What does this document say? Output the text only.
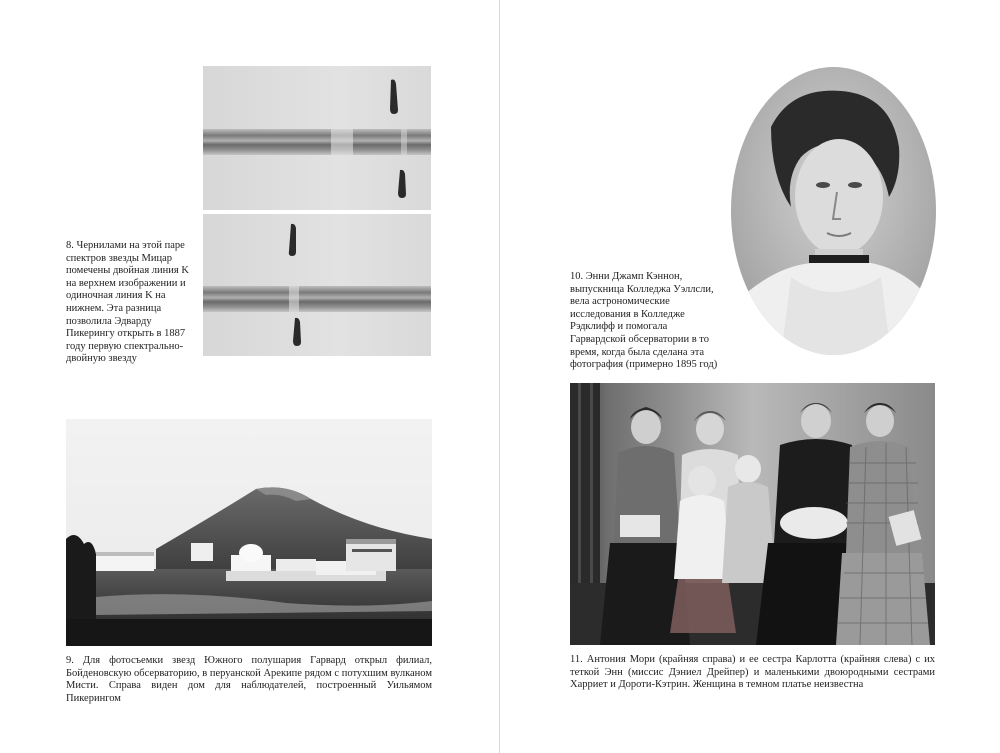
8. Чернилами на этой паре спектров звезды Мицар помечены двойная линия K на верхнем изображении и одиночная линия K на нижнем. Эта разница позволила Эдварду Пикерингу открыть в 1887 году первую спектрально-двойную звезду

9. Для фотосъемки звезд Южного полушария Гарвард открыл филиал, Бойденовскую обсерваторию, в перуанской Арекипе рядом с потухшим вулканом Мисти. Справа виден дом для наблюдателей, построенный Уильямом Пикерингом

10. Энни Джамп Кэннон, выпускница Колледжа Уэллсли, вела астрономические исследования в Колледже Рэдклифф и помогала Гарвардской обсерватории в то время, когда была сделана эта фотография (примерно 1895 год)

11. Антония Мори (крайняя справа) и ее сестра Карлотта (крайняя слева) с их теткой Энн (миссис Дэниел Дрейпер) и маленькими двоюродными сестрами Харриет и Дороти-Кэтрин. Женщина в темном платье неизвестна
